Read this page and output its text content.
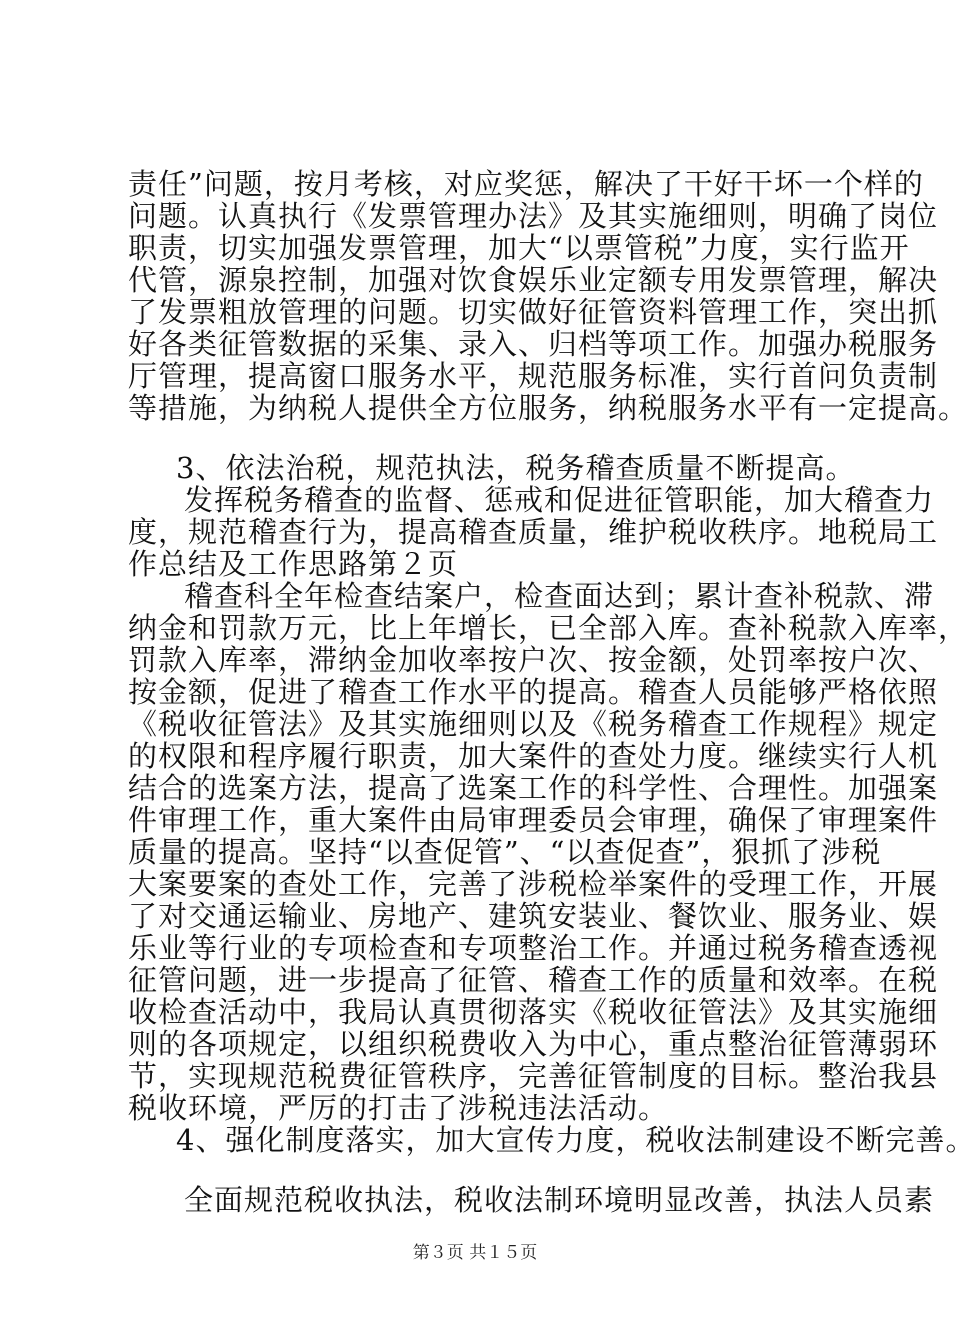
责任”问题，按月考核，对应奖惩，解决了干好干坏一个样的
问题。认真执行《发票管理办法》及其实施细则，明确了岗位
职责，切实加强发票管理，加大“以票管税”力度，实行监开
代管，源泉控制，加强对饮食娱乐业定额专用发票管理，解决
了发票粗放管理的问题。切实做好征管资料管理工作，突出抓
好各类征管数据的采集、录入、归档等项工作。加强办税服务
厅管理，提高窗口服务水平，规范服务标准，实行首问负责制
等措施，为纳税人提供全方位服务，纳税服务水平有一定提高。
3、依法治税，规范执法，税务稽查质量不断提高。
发挥税务稽查的监督、惩戒和促进征管职能，加大稽查力
度，规范稽查行为，提高稽查质量，维护税收秩序。地税局工
作总结及工作思路第２页
稽查科全年检查结案户，检查面达到；累计查补税款、滞
纳金和罚款万元，比上年增长，已全部入库。查补税款入库率，
罚款入库率，滞纳金加收率按户次、按金额，处罚率按户次、
按金额，促进了稽查工作水平的提高。稽查人员能够严格依照
《税收征管法》及其实施细则以及《税务稽查工作规程》规定
的权限和程序履行职责，加大案件的查处力度。继续实行人机
结合的选案方法，提高了选案工作的科学性、合理性。加强案
件审理工作，重大案件由局审理委员会审理，确保了审理案件
质量的提高。坚持“以查促管”、“以查促查”，狠抓了涉税
大案要案的查处工作，完善了涉税检举案件的受理工作，开展
了对交通运输业、房地产、建筑安装业、餐饮业、服务业、娱
乐业等行业的专项检查和专项整治工作。并通过税务稽查透视
征管问题，进一步提高了征管、稽查工作的质量和效率。在税
收检查活动中，我局认真贯彻落实《税收征管法》及其实施细
则的各项规定，以组织税费收入为中心，重点整治征管薄弱环
节，实现规范税费征管秩序，完善征管制度的目标。整治我县
税收环境，严厉的打击了涉税违法活动。
4、强化制度落实，加大宣传力度，税收法制建设不断完善。
全面规范税收执法，税收法制环境明显改善，执法人员素
第３页 共１５页
